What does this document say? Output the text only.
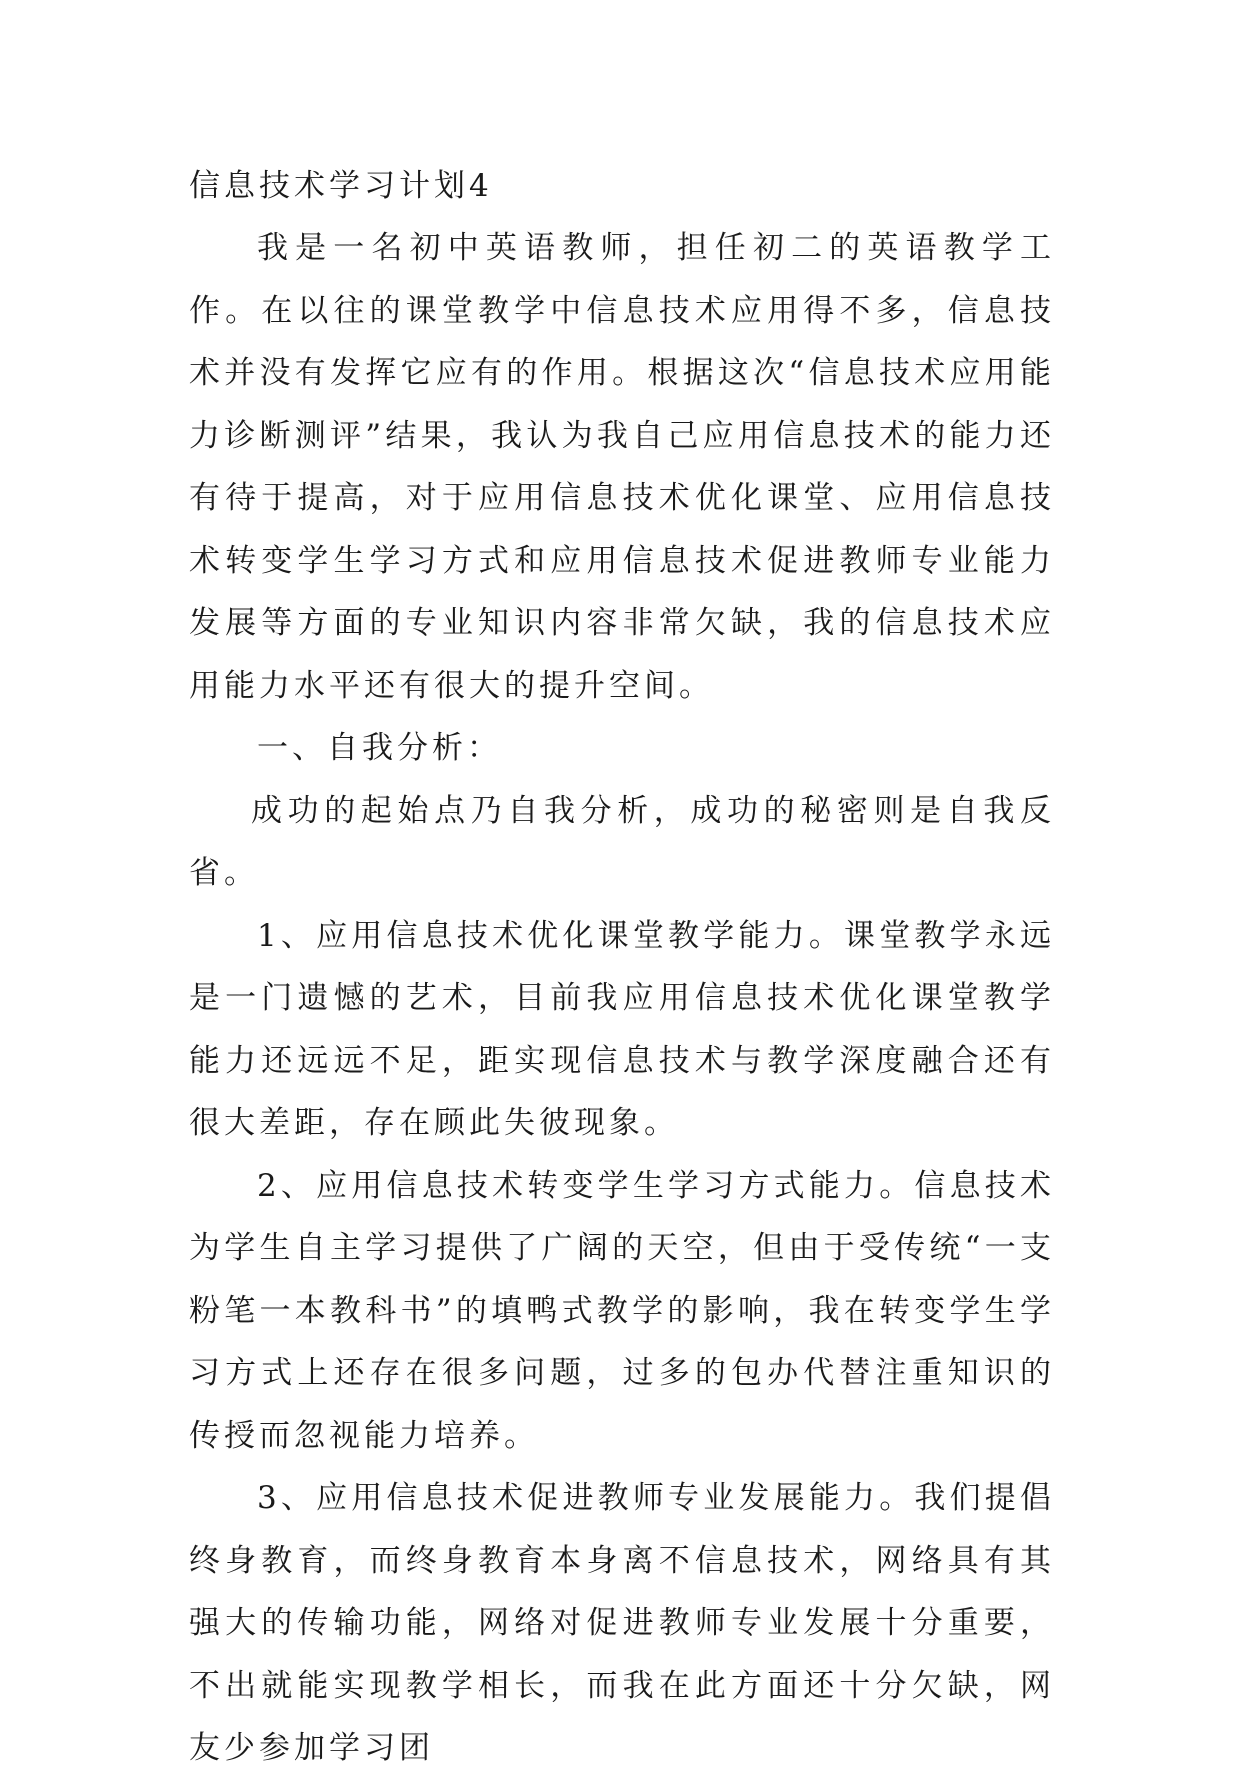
信息技术学习计划4

我是一名初中英语教师，担任初二的英语教学工作。在以往的课堂教学中信息技术应用得不多，信息技术并没有发挥它应有的作用。根据这次“信息技术应用能力诊断测评”结果，我认为我自己应用信息技术的能力还有待于提高，对于应用信息技术优化课堂、应用信息技术转变学生学习方式和应用信息技术促进教师专业能力发展等方面的专业知识内容非常欠缺，我的信息技术应用能力水平还有很大的提升空间。

一、自我分析：

成功的起始点乃自我分析，成功的秘密则是自我反省。

1、应用信息技术优化课堂教学能力。课堂教学永远是一门遗憾的艺术，目前我应用信息技术优化课堂教学能力还远远不足，距实现信息技术与教学深度融合还有很大差距，存在顾此失彼现象。

2、应用信息技术转变学生学习方式能力。信息技术为学生自主学习提供了广阔的天空，但由于受传统“一支粉笔一本教科书”的填鸭式教学的影响，我在转变学生学习方式上还存在很多问题，过多的包办代替注重知识的传授而忽视能力培养。

3、应用信息技术促进教师专业发展能力。我们提倡终身教育，而终身教育本身离不信息技术，网络具有其强大的传输功能，网络对促进教师专业发展十分重要，不出就能实现教学相长，而我在此方面还十分欠缺，网友少参加学习团
